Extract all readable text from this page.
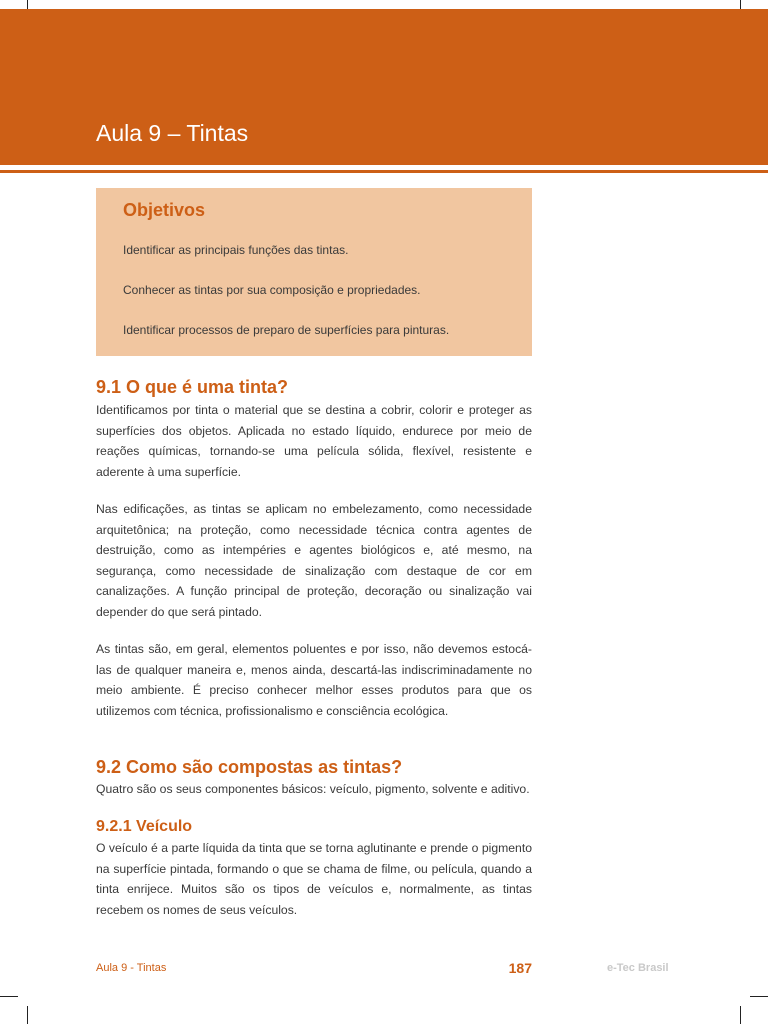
Aula 9 – Tintas
Objetivos

Identificar as principais funções das tintas.

Conhecer as tintas por sua composição e propriedades.

Identificar processos de preparo de superfícies para pinturas.

9.1 O que é uma tinta?

Identificamos por tinta o material que se destina a cobrir, colorir e proteger as superfícies dos objetos. Aplicada no estado líquido, endurece por meio de reações químicas, tornando-se uma película sólida, flexível, resistente e aderente à uma superfície.

Nas edificações, as tintas se aplicam no embelezamento, como necessidade arquitetônica; na proteção, como necessidade técnica contra agentes de destruição, como as intempéries e agentes biológicos e, até mesmo, na segurança, como necessidade de sinalização com destaque de cor em canalizações. A função principal de proteção, decoração ou sinalização vai depender do que será pintado.

As tintas são, em geral, elementos poluentes e por isso, não devemos estocá-las de qualquer maneira e, menos ainda, descartá-las indiscriminadamente no meio ambiente. É preciso conhecer melhor esses produtos para que os utilizemos com técnica, profissionalismo e consciência ecológica.

9.2 Como são compostas as tintas?

Quatro são os seus componentes básicos: veículo, pigmento, solvente e aditivo.

9.2.1 Veículo

O veículo é a parte líquida da tinta que se torna aglutinante e prende o pigmento na superfície pintada, formando o que se chama de filme, ou película, quando a tinta enrijece. Muitos são os tipos de veículos e, normalmente, as tintas recebem os nomes de seus veículos.

Aula 9 - Tintas	187	e-Tec Brasil
